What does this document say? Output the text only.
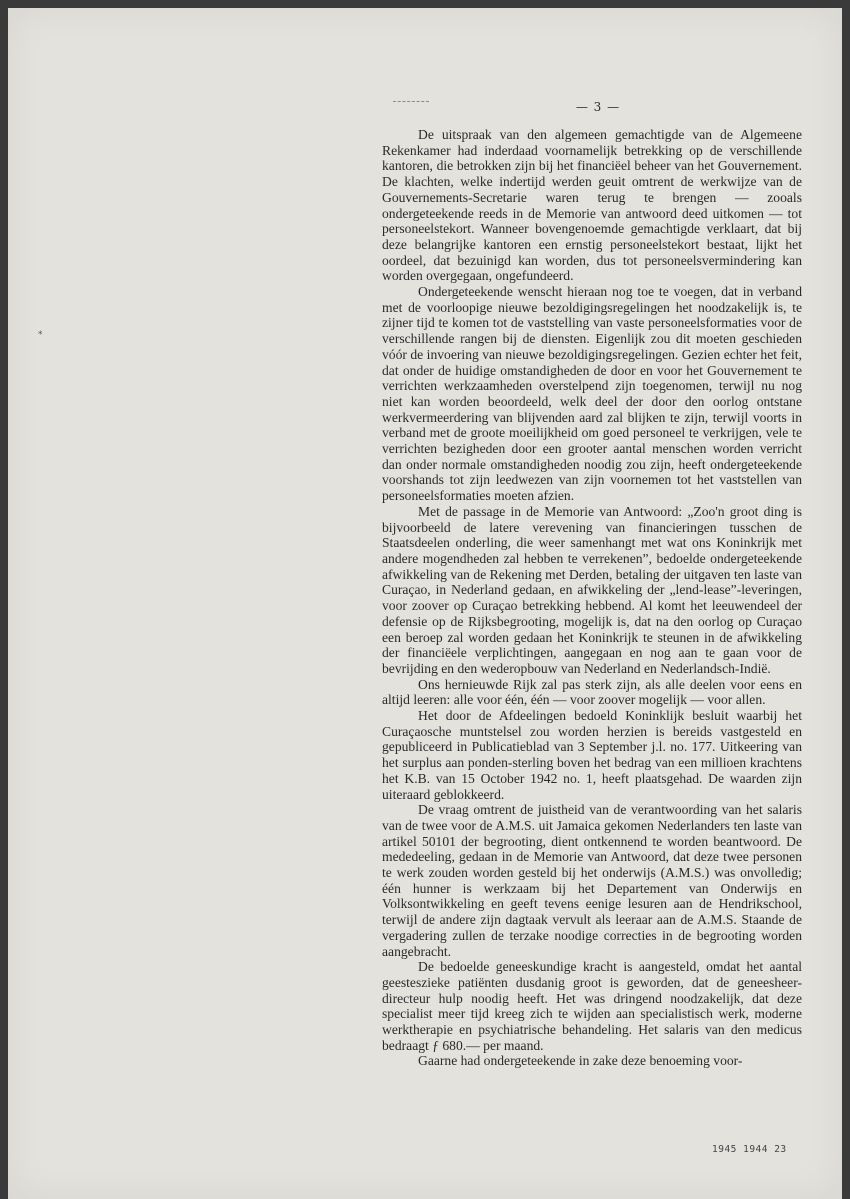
— 3 —
*

De uitspraak van den algemeen gemachtigde van de Algemeene Rekenkamer had inderdaad voornamelijk betrekking op de verschillende kantoren, die betrokken zijn bij het financiëel beheer van het Gouvernement. De klachten, welke indertijd werden geuit omtrent de werkwijze van de Gouvernements-Secretarie waren terug te brengen — zooals ondergeteekende reeds in de Memorie van antwoord deed uitkomen — tot personeelstekort. Wanneer bovengenoemde gemachtigde verklaart, dat bij deze belangrijke kantoren een ernstig personeelstekort bestaat, lijkt het oordeel, dat bezuinigd kan worden, dus tot personeelsvermindering kan worden overgegaan, ongefundeerd.

Ondergeteekende wenscht hieraan nog toe te voegen, dat in verband met de voorloopige nieuwe bezoldigingsregelingen het noodzakelijk is, te zijner tijd te komen tot de vaststelling van vaste personeelsformaties voor de verschillende rangen bij de diensten. Eigenlijk zou dit moeten geschieden vóór de invoering van nieuwe bezoldigingsregelingen. Gezien echter het feit, dat onder de huidige omstandigheden de door en voor het Gouvernement te verrichten werkzaamheden overstelpend zijn toegenomen, terwijl nu nog niet kan worden beoordeeld, welk deel der door den oorlog ontstane werkvermeerdering van blijvenden aard zal blijken te zijn, terwijl voorts in verband met de groote moeilijkheid om goed personeel te verkrijgen, vele te verrichten bezigheden door een grooter aantal menschen worden verricht dan onder normale omstandigheden noodig zou zijn, heeft ondergeteekende voorshands tot zijn leedwezen van zijn voornemen tot het vaststellen van personeelsformaties moeten afzien.

Met de passage in de Memorie van Antwoord: „Zoo'n groot ding is bijvoorbeeld de latere verevening van financieringen tusschen de Staatsdeelen onderling, die weer samenhangt met wat ons Koninkrijk met andere mogendheden zal hebben te verrekenen”, bedoelde ondergeteekende afwikkeling van de Rekening met Derden, betaling der uitgaven ten laste van Curaçao, in Nederland gedaan, en afwikkeling der „lend-lease”-leveringen, voor zoover op Curaçao betrekking hebbend. Al komt het leeuwendeel der defensie op de Rijksbegrooting, mogelijk is, dat na den oorlog op Curaçao een beroep zal worden gedaan het Koninkrijk te steunen in de afwikkeling der financiëele verplichtingen, aangegaan en nog aan te gaan voor de bevrijding en den wederopbouw van Nederland en Nederlandsch-Indië.

Ons hernieuwde Rijk zal pas sterk zijn, als alle deelen voor eens en altijd leeren: alle voor één, één — voor zoover mogelijk — voor allen.

Het door de Afdeelingen bedoeld Koninklijk besluit waarbij het Curaçaosche muntstelsel zou worden herzien is bereids vastgesteld en gepubliceerd in Publicatieblad van 3 September j.l. no. 177. Uitkeering van het surplus aan ponden-sterling boven het bedrag van een millioen krachtens het K.B. van 15 October 1942 no. 1, heeft plaatsgehad. De waarden zijn uiteraard geblokkeerd.

De vraag omtrent de juistheid van de verantwoording van het salaris van de twee voor de A.M.S. uit Jamaica gekomen Nederlanders ten laste van artikel 50101 der begrooting, dient ontkennend te worden beantwoord. De mededeeling, gedaan in de Memorie van Antwoord, dat deze twee personen te werk zouden worden gesteld bij het onderwijs (A.M.S.) was onvolledig; één hunner is werkzaam bij het Departement van Onderwijs en Volksontwikkeling en geeft tevens eenige lesuren aan de Hendrikschool, terwijl de andere zijn dagtaak vervult als leeraar aan de A.M.S. Staande de vergadering zullen de terzake noodige correcties in de begrooting worden aangebracht.

De bedoelde geneeskundige kracht is aangesteld, omdat het aantal geesteszieke patiënten dusdanig groot is geworden, dat de geneesheer-directeur hulp noodig heeft. Het was dringend noodzakelijk, dat deze specialist meer tijd kreeg zich te wijden aan specialistisch werk, moderne werktherapie en psychiatrische behandeling. Het salaris van den medicus bedraagt ƒ 680.— per maand.

Gaarne had ondergeteekende in zake deze benoeming voor-

1945 1944 23
